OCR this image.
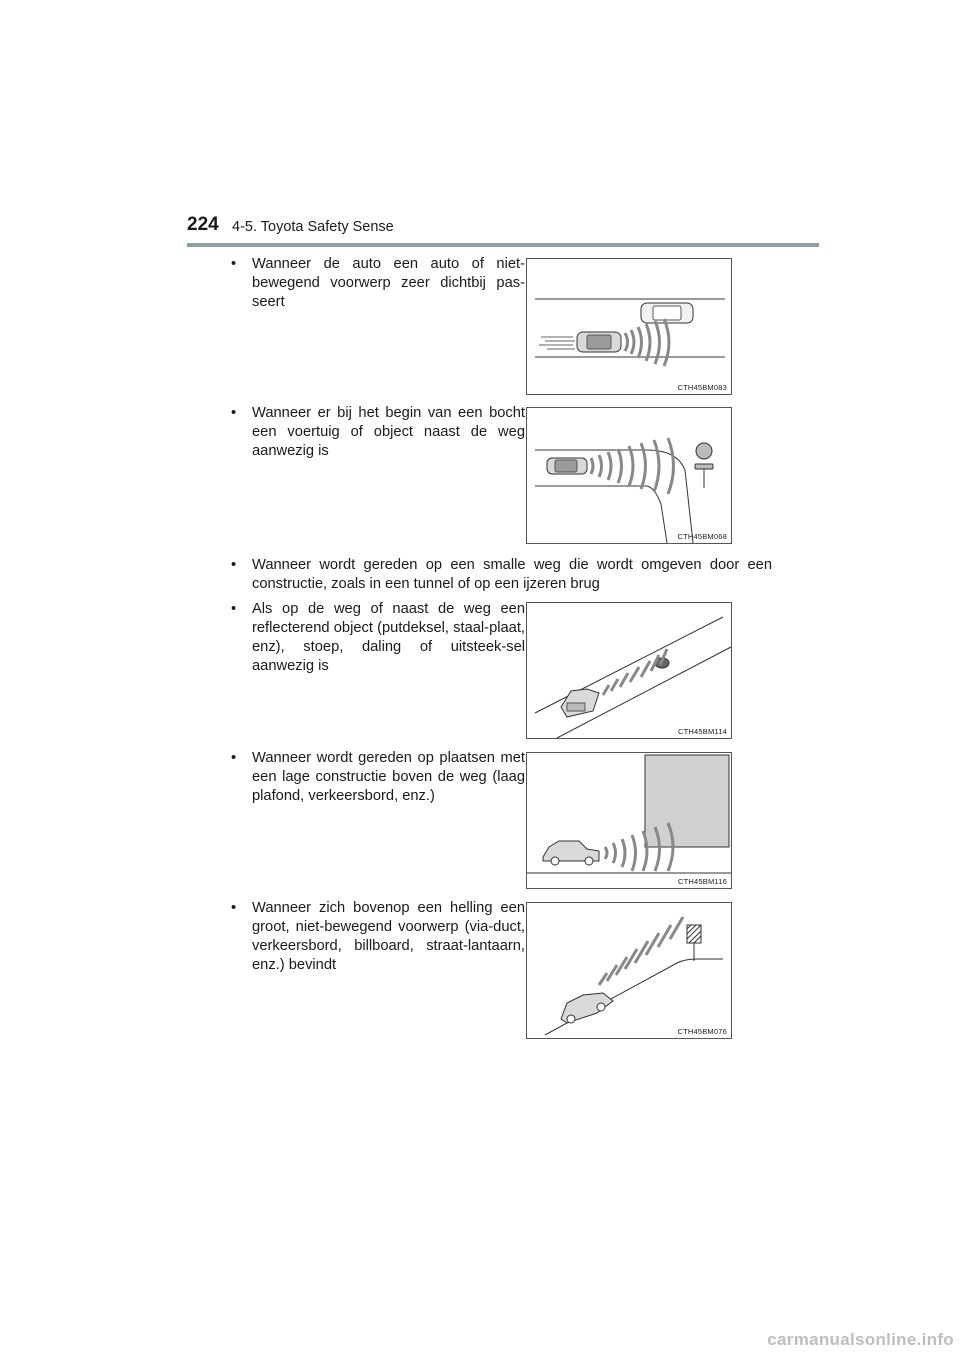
224 4-5. Toyota Safety Sense
• Wanneer de auto een auto of niet-bewegend voorwerp zeer dichtbij pas-seert
CTH45BM083
• Wanneer er bij het begin van een bocht een voertuig of object naast de weg aanwezig is
CTH45BM068
• Wanneer wordt gereden op een smalle weg die wordt omgeven door een constructie, zoals in een tunnel of op een ijzeren brug
• Als op de weg of naast de weg een reflecterend object (putdeksel, staal-plaat, enz), stoep, daling of uitsteek-sel aanwezig is
CTH45BM114
• Wanneer wordt gereden op plaatsen met een lage constructie boven de weg (laag plafond, verkeersbord, enz.)
CTH45BM116
• Wanneer zich bovenop een helling een groot, niet-bewegend voorwerp (via-duct, verkeersbord, billboard, straat-lantaarn, enz.) bevindt
CTH45BM076
carmanualsonline.info
